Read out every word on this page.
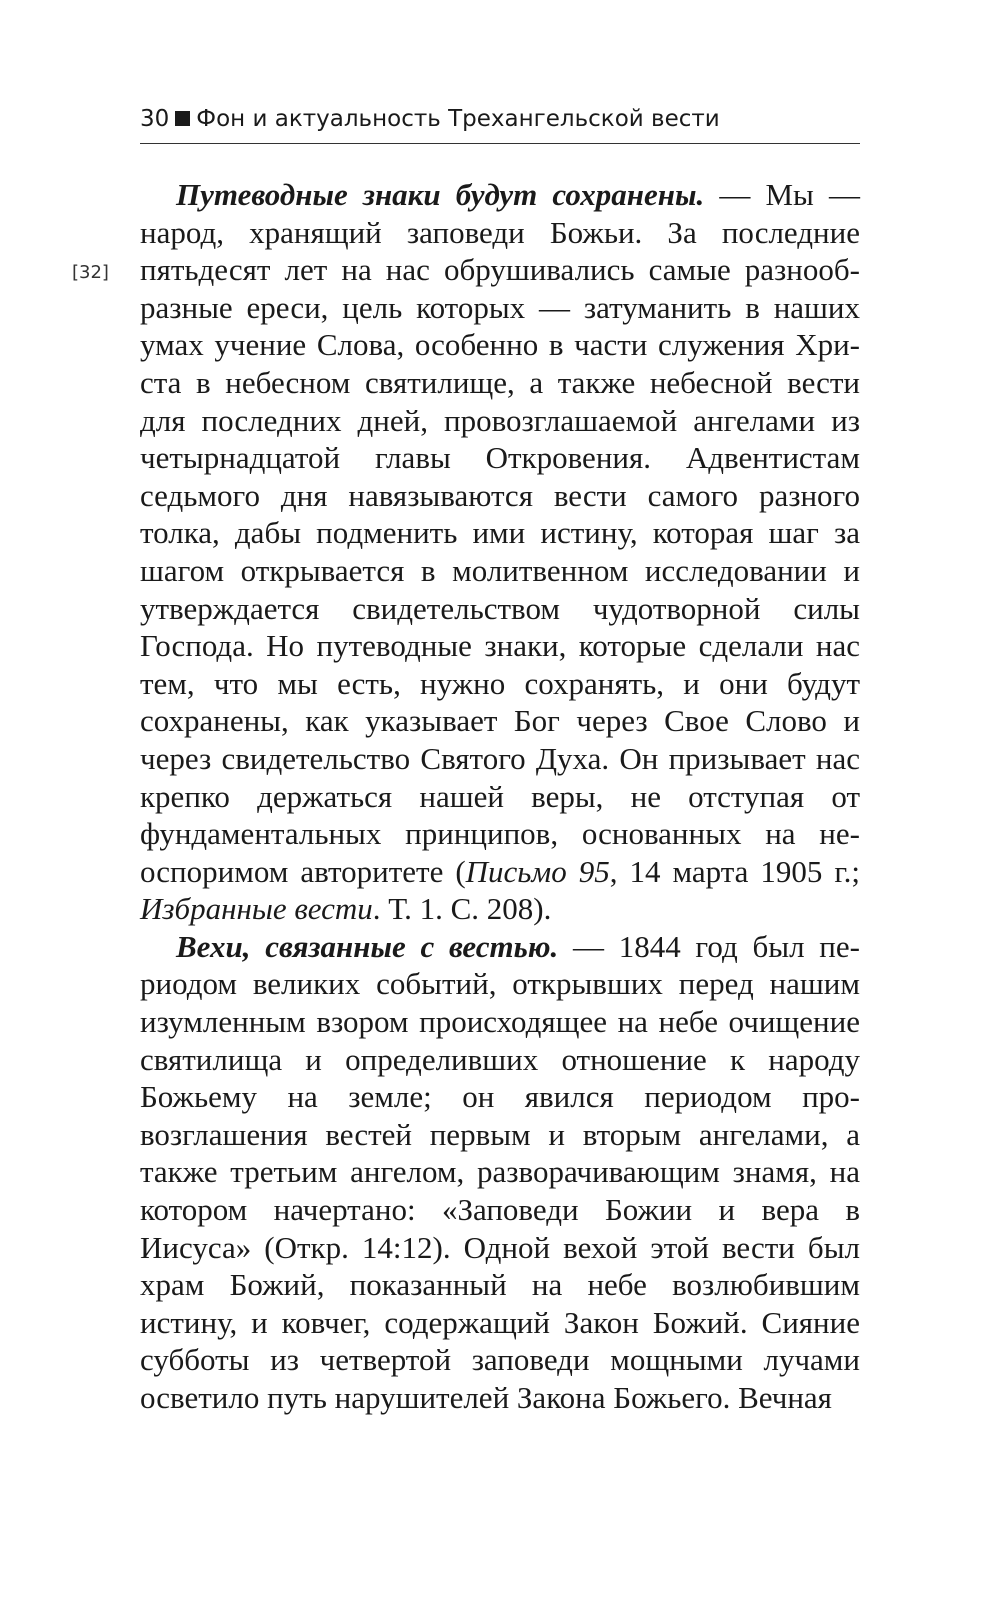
30 Фон и актуальность Трехангельской вести
[32]

Путеводные знаки будут сохранены. — Мы — народ, хранящий заповеди Божьи. За последние пятьдесят лет на нас обрушивались самые разнообразные ереси, цель которых — затуманить в наших умах учение Слова, особенно в части служения Христа в небесном святилище, а также небесной вести для последних дней, провозглашаемой ангелами из четырнадцатой главы Откровения. Адвентистам седьмого дня навязываются вести самого разного толка, дабы подменить ими истину, которая шаг за шагом открывается в молитвенном исследовании и утверждается свидетельством чудотворной силы Господа. Но путеводные знаки, которые сделали нас тем, что мы есть, нужно сохранять, и они будут сохранены, как указывает Бог через Свое Слово и через свидетельство Святого Духа. Он призывает нас крепко держаться нашей веры, не отступая от фундаментальных принципов, основанных на неоспоримом авторитете (Письмо 95, 14 марта 1905 г.; Избранные вести. Т. 1. С. 208).

Вехи, связанные с вестью. — 1844 год был периодом великих событий, открывших перед нашим изумленным взором происходящее на небе очищение святилища и определивших отношение к народу Божьему на земле; он явился периодом провозглашения вестей первым и вторым ангелами, а также третьим ангелом, разворачивающим знамя, на котором начертано: «Заповеди Божии и вера в Иисуса» (Откр. 14:12). Одной вехой этой вести был храм Божий, показанный на небе возлюбившим истину, и ковчег, содержащий Закон Божий. Сияние субботы из четвертой заповеди мощными лучами осветило путь нарушителей Закона Божьего. Вечная
